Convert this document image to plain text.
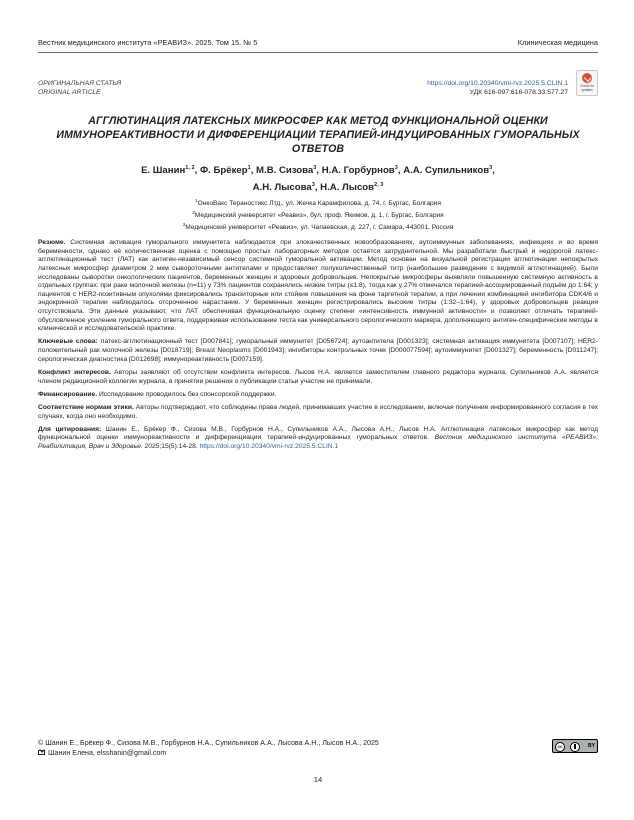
Вестник медицинского института «РЕАВИЗ». 2025. Том 15. № 5	Клиническая медицина
ОРИГИНАЛЬНАЯ СТАТЬЯ
ORIGINAL ARTICLE
https://doi.org/10.20340/vmi-rvz.2025.5.CLIN.1
УДК 616-097:616-078.33:577.27
Check for updates
АГГЛЮТИНАЦИЯ ЛАТЕКСНЫХ МИКРОСФЕР КАК МЕТОД ФУНКЦИОНАЛЬНОЙ ОЦЕНКИ ИММУНОРЕАКТИВНОСТИ И ДИФФЕРЕНЦИАЦИИ ТЕРАПИЕЙ-ИНДУЦИРОВАННЫХ ГУМОРАЛЬНЫХ ОТВЕТОВ
Е. Шанин$^{1, 2}$, Ф. Брёкер$^1$, М.В. Сизова$^3$, Н.А. Горбурнов$^3$, А.А. Супильников$^3$,
А.Н. Лысова$^3$, Н.А. Лысов$^{2, 3}$
$^1$ОнкоВакс Тераностикс Лтд., ул. Жечка Карамфилова, д. 74, г. Бургас, Болгария
$^2$Медицинский университет «Реавиз», бул. проф. Якимов, д. 1, г. Бургас, Болгария
$^3$Медицинский университет «Реавиз», ул. Чапаевская, д. 227, г. Самара, 443001, Россия

Резюме. Системная активация гуморального иммунитета наблюдается при злокачественных новообразованиях, аутоиммунных заболеваниях, инфекциях и во время беременности, однако её количественная оценка с помощью простых лабораторных методов остаётся затруднительной. Мы разработали быстрый и недорогой латекс-агглютинационный тест (ЛАТ) как антиген-независимый сенсор системной гуморальной активации. Метод основан на визуальной регистрации агглютинации непокрытых латексных микросфер диаметром 2 мкм сывороточными антителами и предоставляет полуколичественный титр (наибольшее разведение с видимой агглютинацией). Были исследованы сыворотки онкологических пациентов, беременных женщин и здоровых добровольцев. Непокрытые микросферы выявляли повышенную системную активность в отдельных группах: при раке молочной железы (n=11) у 73% пациентов сохранялись низкие титры (≤1:8), тогда как у 27% отмечался терапией-ассоциированный подъём до 1:64; у пациентов с HER2-позитивным опухолями фиксировались транзиторные или стойкие повышения на фоне таргетной терапии, а при лечении комбинацией ингибитора CDK4/6 и эндокринной терапии наблюдалось отсроченное нарастание. У беременных женщин регистрировались высокие титры (1:32–1:64), у здоровых добровольцев реакция отсутствовала. Эти данные указывают, что ЛАТ обеспечивая функциональную оценку степени «интенсивность иммунной активности» и позволяет отличать терапией-обусловленное усиление гуморального ответа, поддерживая использование теста как универсального серологического маркера, дополняющего антиген-специфические методы в клинической и исследовательской практике.

Ключевые слова: латекс-агглютинационный тест [D007841]; гуморальный иммунитет [D056724]; аутоантитела [D001323]; системная активация иммунитета [D007107]; HER2-положительный рак молочной железы [D018719]; Breast Neoplasms [D001943]; ингибиторы контрольных точек [D000077594]; аутоиммунитет [D001327]; беременность [D011247]; серологическая диагностика [D012698]; иммунореактивность [D007159].

Конфликт интересов. Авторы заявляют об отсутствии конфликта интересов. Лысов Н.А. является заместителем главного редактора журнала, Супильников А.А. является членом редакционной коллегии журнала, в принятии решения о публикации статьи участие не принимали.

Финансирование. Исследование проводилось без спонсорской поддержки.

Соответствие нормам этики. Авторы подтверждают, что соблюдены права людей, принимавших участие в исследовании, включая получение информированного согласия в тех случаях, когда оно необходимо.

Для цитирования: Шанин Е., Брёкер Ф., Сизова М.В., Горбурнов Н.А., Супильников А.А., Лысова А.Н., Лысов Н.А. Агглютинация латексных микросфер как метод функциональной оценки иммунореактивности и дифференциации терапией-индуцированных гуморальных ответов. Вестник медицинского института «РЕАВИЗ»: Реабилитация, Врач и Здоровье. 2025;15(5):14-28. https://doi.org/10.20340/vmi-rvz.2025.5.CLIN.1

© Шанин Е., Брёкер Ф., Сизова М.В., Горбурнов Н.А., Супильников А.А., Лысова А.Н., Лысов Н.А., 2025
Шанин Елена, elsshanin@gmail.com
cc	BY
14
